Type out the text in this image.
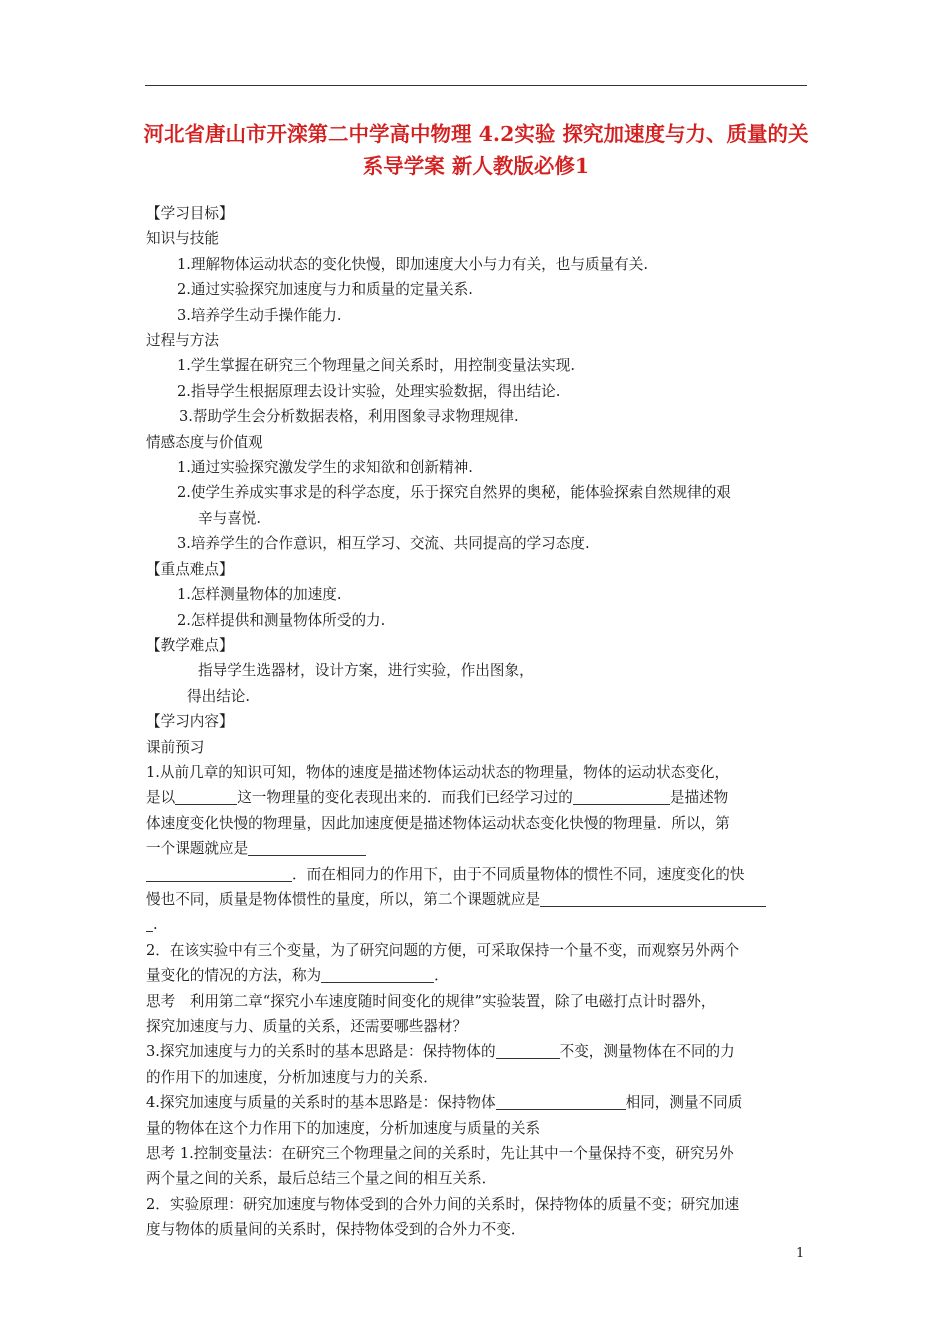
河北省唐山市开滦第二中学高中物理 4.2实验 探究加速度与力、质量的关系导学案 新人教版必修1
【学习目标】
知识与技能
1.理解物体运动状态的变化快慢，即加速度大小与力有关，也与质量有关.
2.通过实验探究加速度与力和质量的定量关系.
3.培养学生动手操作能力.
过程与方法
1.学生掌握在研究三个物理量之间关系时，用控制变量法实现.
2.指导学生根据原理去设计实验，处理实验数据，得出结论.
3.帮助学生会分析数据表格，利用图象寻求物理规律.
情感态度与价值观
1.通过实验探究激发学生的求知欲和创新精神.
2.使学生养成实事求是的科学态度，乐于探究自然界的奥秘，能体验探索自然规律的艰
辛与喜悦.
3.培养学生的合作意识，相互学习、交流、共同提高的学习态度.
【重点难点】
1.怎样测量物体的加速度.
2.怎样提供和测量物体所受的力.
【教学难点】
指导学生选器材，设计方案，进行实验，作出图象，
得出结论.
【学习内容】
课前预习
1.从前几章的知识可知，物体的速度是描述物体运动状态的物理量，物体的运动状态变化，
是以	这一物理量的变化表现出来的．而我们已经学习过的	是描述物
体速度变化快慢的物理量，因此加速度便是描述物体运动状态变化快慢的物理量．所以，第
一个课题就应是
．而在相同力的作用下，由于不同质量物体的惯性不同，速度变化的快
慢也不同，质量是物体惯性的量度，所以，第二个课题就应是
.
2．在该实验中有三个变量，为了研究问题的方便，可采取保持一个量不变，而观察另外两个
量变化的情况的方法，称为	．
思考　利用第二章“探究小车速度随时间变化的规律”实验装置，除了电磁打点计时器外，
探究加速度与力、质量的关系，还需要哪些器材？
3.探究加速度与力的关系时的基本思路是：保持物体的	不变，测量物体在不同的力
的作用下的加速度，分析加速度与力的关系．
4.探究加速度与质量的关系时的基本思路是：保持物体	相同，测量不同质
量的物体在这个力作用下的加速度，分析加速度与质量的关系
思考 1.控制变量法：在研究三个物理量之间的关系时，先让其中一个量保持不变，研究另外
两个量之间的关系，最后总结三个量之间的相互关系．
2．实验原理：研究加速度与物体受到的合外力间的关系时，保持物体的质量不变；研究加速
度与物体的质量间的关系时，保持物体受到的合外力不变．
1
